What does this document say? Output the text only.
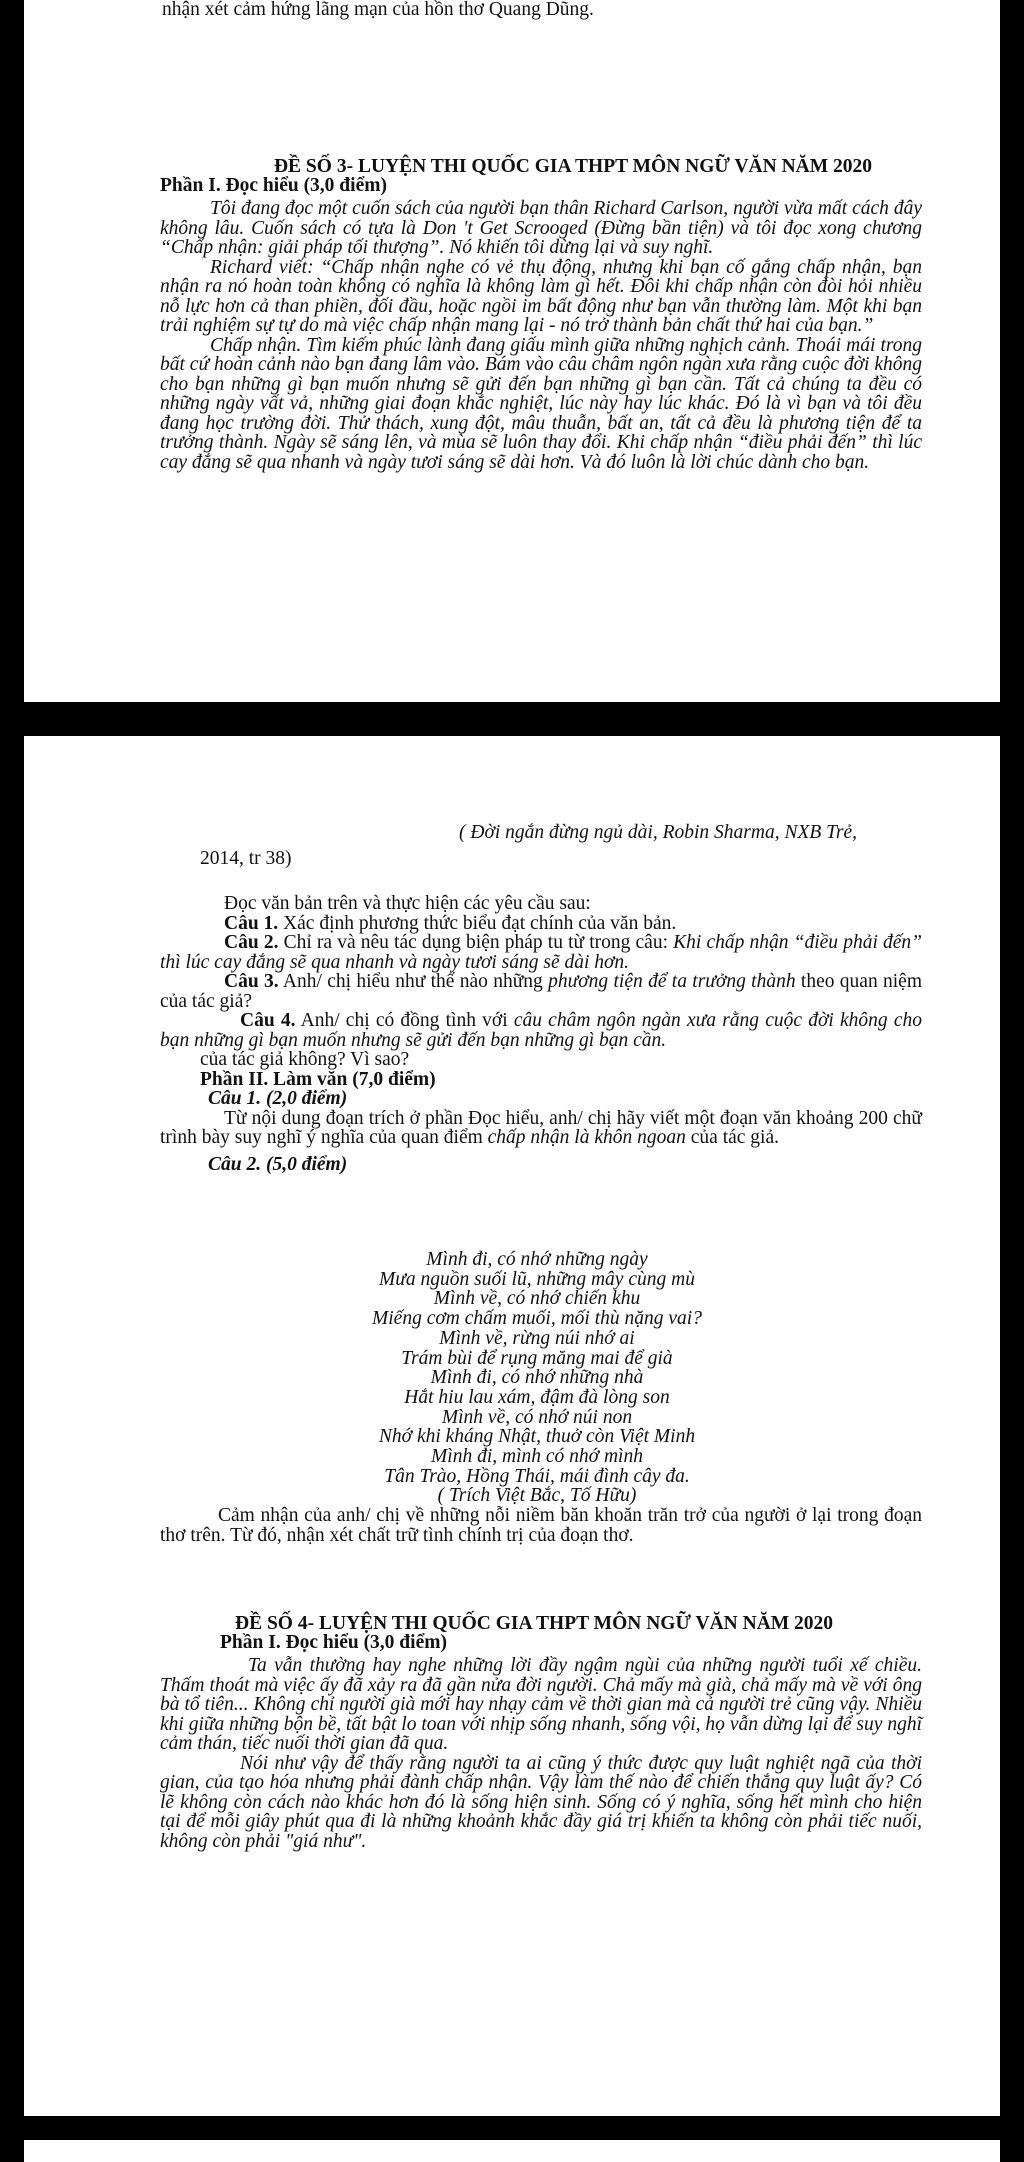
nhận xét cảm hứng lãng mạn của hồn thơ Quang Dũng.
ĐỀ SỐ 3- LUYỆN THI QUỐC GIA THPT MÔN NGỮ VĂN NĂM 2020
Phần I. Đọc hiểu (3,0 điểm)

Tôi đang đọc một cuốn sách của người bạn thân Richard Carlson, người vừa mất cách đây không lâu. Cuốn sách có tựa là Don 't Get Scrooged (Đừng bần tiện) và tôi đọc xong chương “Chấp nhận: giải pháp tối thượng”. Nó khiến tôi dừng lại và suy nghĩ.

Richard viết: “Chấp nhận nghe có vẻ thụ động, nhưng khi bạn cố gắng chấp nhận, bạn nhận ra nó hoàn toàn không có nghĩa là không làm gì hết. Đôi khi chấp nhận còn đòi hỏi nhiều nỗ lực hơn cả than phiền, đối đầu, hoặc ngồi im bất động như bạn vẫn thường làm. Một khi bạn trải nghiệm sự tự do mà việc chấp nhận mang lại - nó trở thành bản chất thứ hai của bạn.”

Chấp nhận. Tìm kiếm phúc lành đang giấu mình giữa những nghịch cảnh. Thoái mái trong bất cứ hoàn cảnh nào bạn đang lâm vào. Bám vào câu châm ngôn ngàn xưa rằng cuộc đời không cho bạn những gì bạn muốn nhưng sẽ gửi đến bạn những gì bạn cần. Tất cả chúng ta đều có những ngày vất vả, những giai đoạn khắc nghiệt, lúc này hay lúc khác. Đó là vì bạn và tôi đều đang học trường đời. Thử thách, xung đột, mâu thuẫn, bất an, tất cả đều là phương tiện để ta trưởng thành. Ngày sẽ sáng lên, và mùa sẽ luôn thay đổi. Khi chấp nhận “điều phải đến” thì lúc cay đắng sẽ qua nhanh và ngày tươi sáng sẽ dài hơn. Và đó luôn là lời chúc dành cho bạn.

( Đời ngắn đừng ngủ dài, Robin Sharma, NXB Trẻ,
2014, tr 38)

Đọc văn bản trên và thực hiện các yêu cầu sau:

Câu 1. Xác định phương thức biểu đạt chính của văn bản.

Câu 2. Chỉ ra và nêu tác dụng biện pháp tu từ trong câu: Khi chấp nhận “điều phải đến” thì lúc cay đắng sẽ qua nhanh và ngày tươi sáng sẽ dài hơn.

Câu 3. Anh/ chị hiểu như thế nào những phương tiện để ta trưởng thành theo quan niệm của tác giả?

Câu 4. Anh/ chị có đồng tình với câu châm ngôn ngàn xưa rằng cuộc đời không cho bạn những gì bạn muốn nhưng sẽ gửi đến bạn những gì bạn cần.

của tác giả không? Vì sao?

Phần II. Làm văn (7,0 điểm)

Câu 1. (2,0 điểm)

Từ nội dung đoạn trích ở phần Đọc hiểu, anh/ chị hãy viết một đoạn văn khoảng 200 chữ trình bày suy nghĩ ý nghĩa của quan điểm chấp nhận là khôn ngoan của tác giả.

Câu 2. (5,0 điểm)

Mình đi, có nhớ những ngày
Mưa nguồn suối lũ, những mây cùng mù
Mình về, có nhớ chiến khu
Miếng cơm chấm muối, mối thù nặng vai?
Mình về, rừng núi nhớ ai
Trám bùi để rụng măng mai để già
Mình đi, có nhớ những nhà
Hắt hiu lau xám, đậm đà lòng son
Mình về, có nhớ núi non
Nhớ khi kháng Nhật, thuở còn Việt Minh
Mình đi, mình có nhớ mình
Tân Trào, Hồng Thái, mái đình cây đa.

( Trích Việt Bắc, Tố Hữu)

Cảm nhận của anh/ chị về những nỗi niềm băn khoăn trăn trở của người ở lại trong đoạn thơ trên. Từ đó, nhận xét chất trữ tình chính trị của đoạn thơ.

ĐỀ SỐ 4- LUYỆN THI QUỐC GIA THPT MÔN NGỮ VĂN NĂM 2020
Phần I. Đọc hiểu (3,0 điểm)

Ta vẫn thường hay nghe những lời đầy ngậm ngùi của những người tuổi xế chiều. Thấm thoát mà việc ấy đã xảy ra đã gần nửa đời người. Chả mấy mà già, chả mấy mà về với ông bà tổ tiên... Không chỉ người già mới hay nhạy cảm về thời gian mà cả người trẻ cũng vậy. Nhiều khi giữa những bộn bề, tất bật lo toan với nhịp sống nhanh, sống vội, họ vẫn dừng lại để suy nghĩ cảm thán, tiếc nuối thời gian đã qua.

Nói như vậy để thấy rằng người ta ai cũng ý thức được quy luật nghiệt ngã của thời gian, của tạo hóa nhưng phải đành chấp nhận. Vậy làm thế nào để chiến thắng quy luật ấy? Có lẽ không còn cách nào khác hơn đó là sống hiện sinh. Sống có ý nghĩa, sống hết mình cho hiện tại để mỗi giây phút qua đi là những khoảnh khắc đầy giá trị khiến ta không còn phải tiếc nuối, không còn phải "giá như".
